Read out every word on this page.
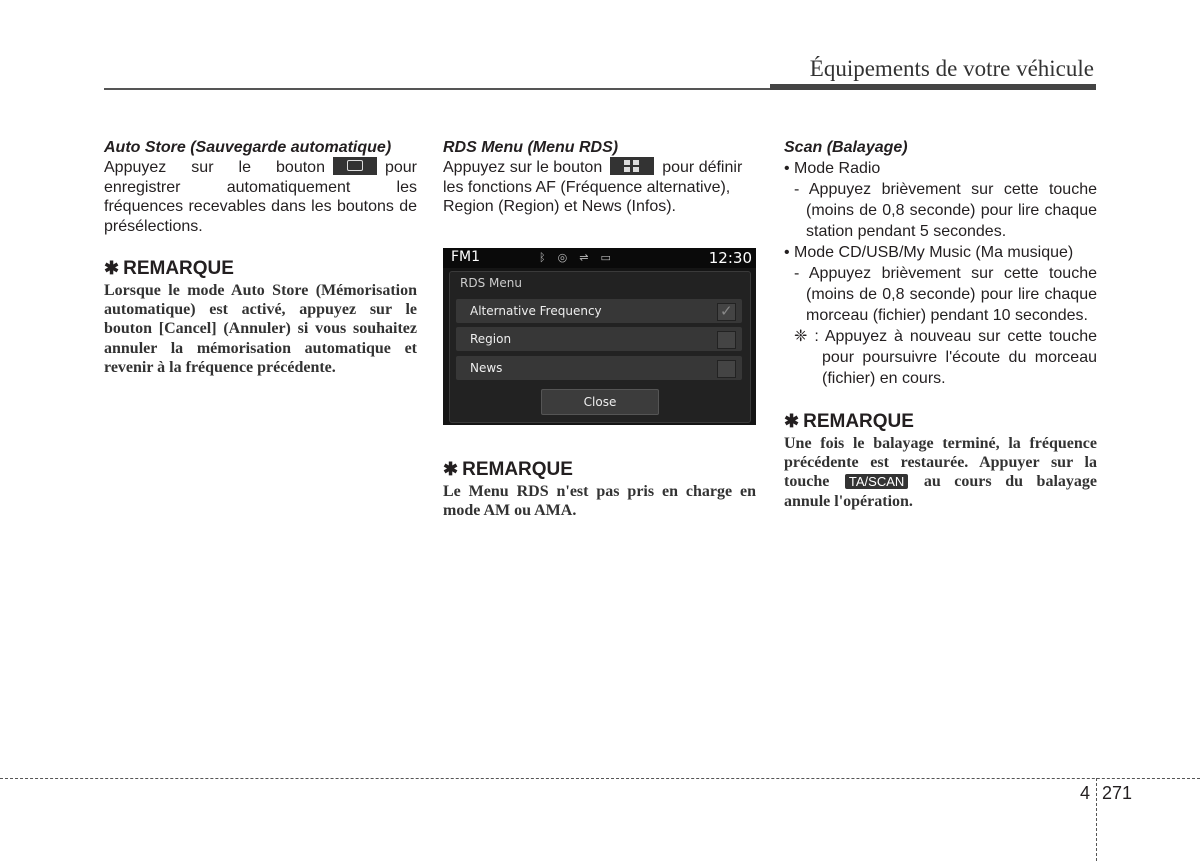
Équipements de votre véhicule

Auto Store (Sauvegarde automatique)

Appuyez sur le bouton	pour enregistrer automatiquement les fréquences recevables dans les boutons de présélections.

✱ REMARQUE

Lorsque le mode Auto Store (Mémorisation automatique) est activé, appuyez sur le bouton [Cancel] (Annuler) si vous souhaitez annuler la mémorisation automatique et revenir à la fréquence précédente.

RDS Menu (Menu RDS)

Appuyez sur le bouton	pour définir les fonctions AF (Fréquence alternative), Region (Region) et News (Infos).

FM1	ᛒ◎⇌▭	12:30
RDS Menu
Alternative Frequency
✓
Region
News
Close

✱ REMARQUE

Le Menu RDS n'est pas pris en charge en mode AM ou AMA.

Scan (Balayage)

• Mode Radio

- Appuyez brièvement sur cette touche (moins de 0,8 seconde) pour lire chaque station pendant 5 secondes.

• Mode CD/USB/My Music (Ma musique)

- Appuyez brièvement sur cette touche (moins de 0,8 seconde) pour lire chaque morceau (fichier) pendant 10 secondes.

❈ : Appuyez à nouveau sur cette touche pour poursuivre l'écoute du morceau (fichier) en cours.

✱ REMARQUE

Une fois le balayage terminé, la fréquence précédente est restaurée. Appuyer sur la touche TA/SCAN au cours du balayage annule l'opération.

4 271
